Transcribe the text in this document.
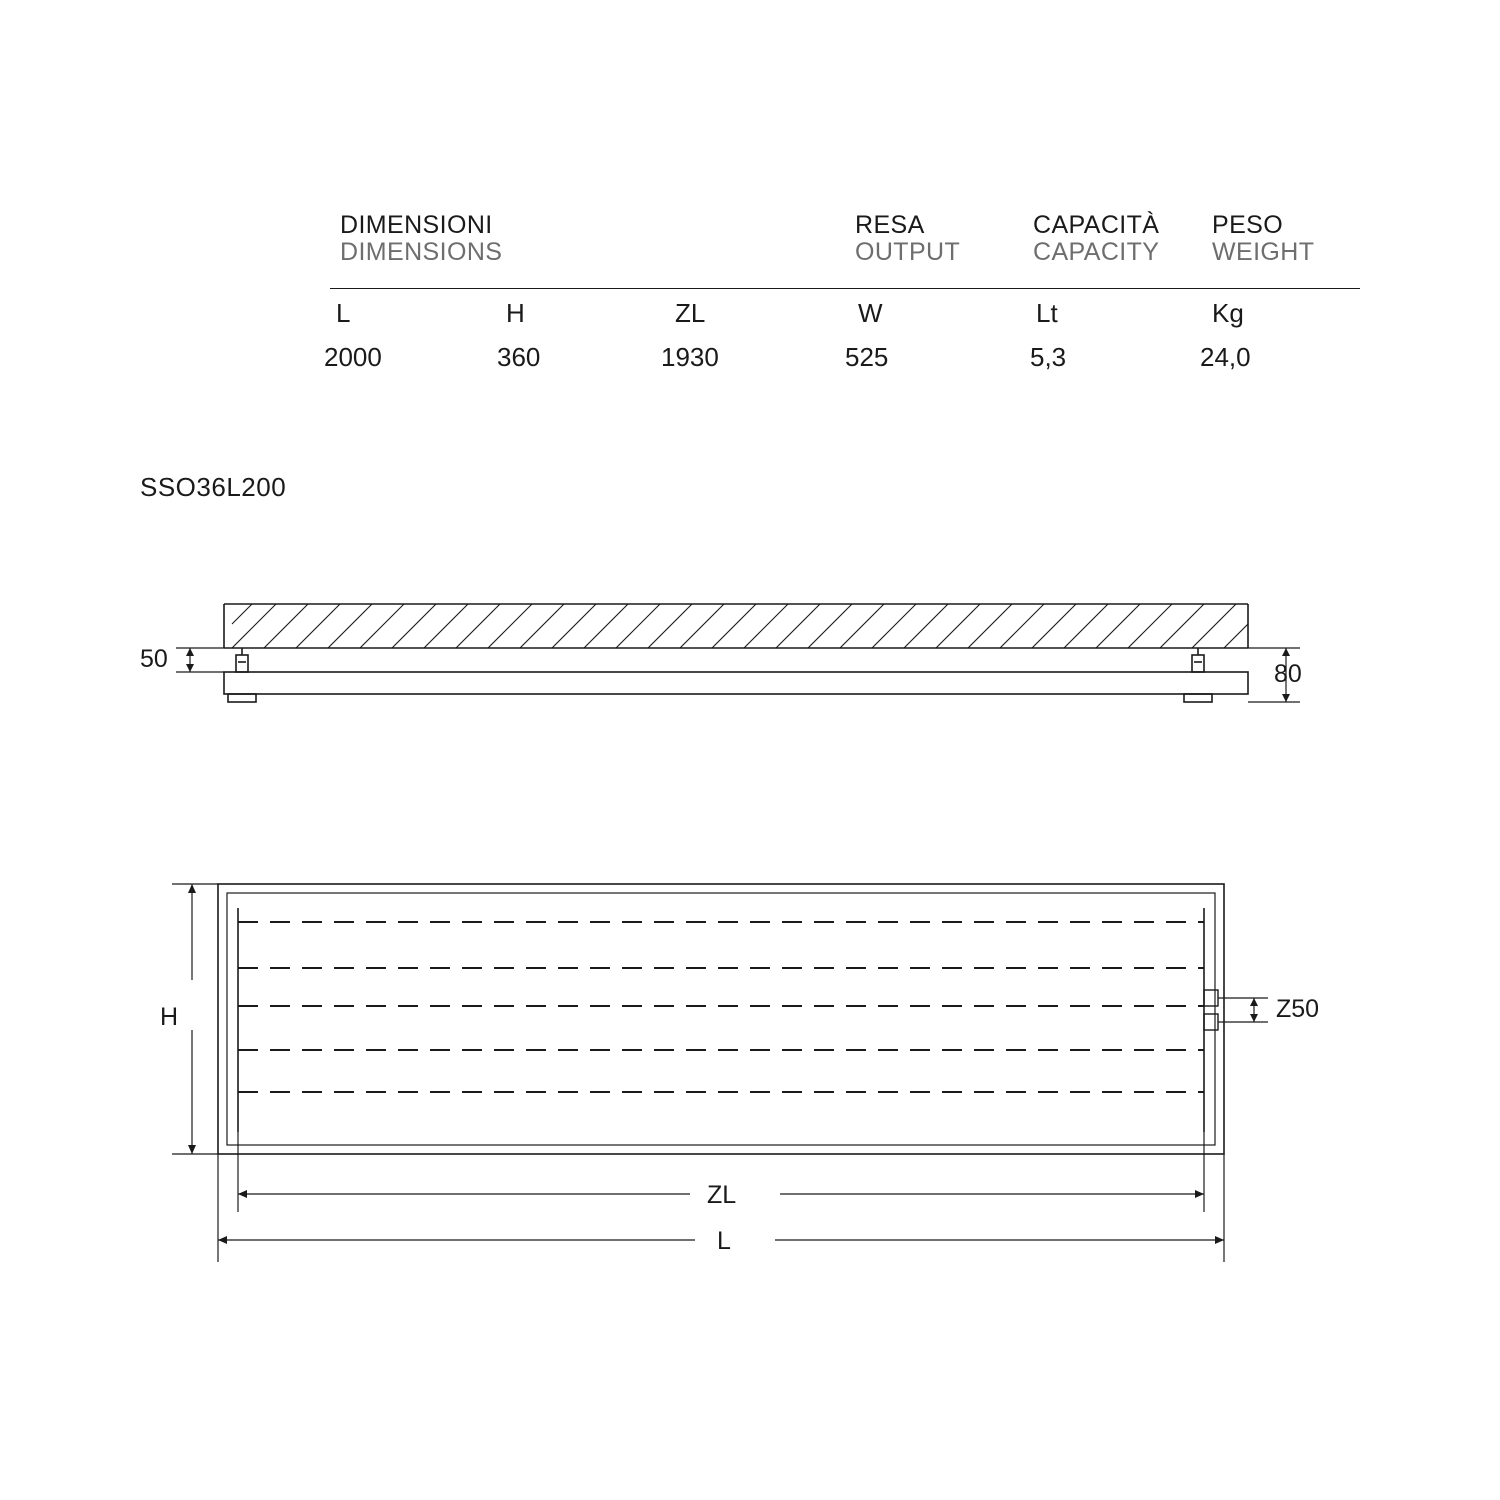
DIMENSIONI
DIMENSIONS
RESA
OUTPUT
CAPACITÀ
CAPACITY
PESO
WEIGHT
L	H	ZL	W	Lt	Kg
SSO36L200
2000	360	1930	525	5,3	24,0
50
80
H	Z50
ZL
L
